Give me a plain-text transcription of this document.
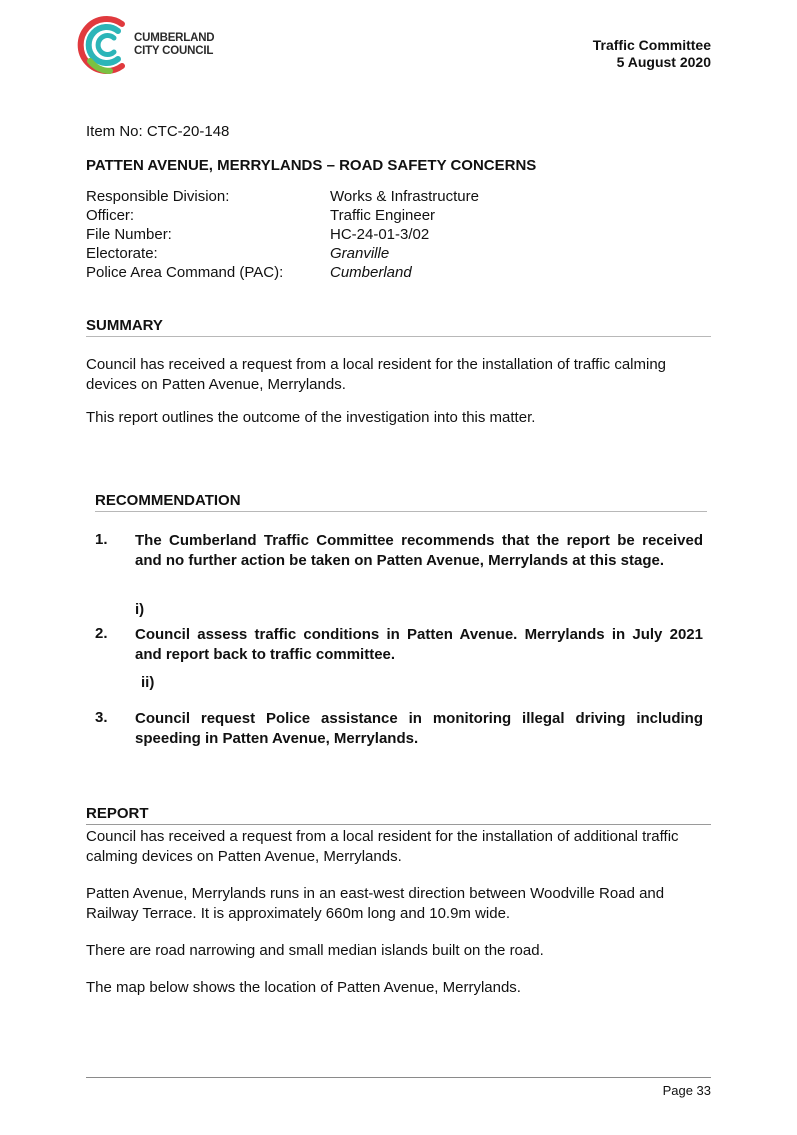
CUMBERLAND
CITY COUNCIL	Traffic Committee
5 August 2020
Item No: CTC-20-148
PATTEN AVENUE, MERRYLANDS – ROAD SAFETY CONCERNS
Responsible Division:	Works & Infrastructure
Officer:	Traffic Engineer
File Number:	HC-24-01-3/02
Electorate:	Granville
Police Area Command (PAC):	Cumberland
SUMMARY
Council has received a request from a local resident for the installation of traffic calming devices on Patten Avenue, Merrylands.
This report outlines the outcome of the investigation into this matter.
RECOMMENDATION
1. The Cumberland Traffic Committee recommends that the report be received and no further action be taken on Patten Avenue, Merrylands at this stage.
i)
2. Council assess traffic conditions in Patten Avenue. Merrylands in July 2021 and report back to traffic committee.
ii)
3. Council request Police assistance in monitoring illegal driving including speeding in Patten Avenue, Merrylands.
REPORT
Council has received a request from a local resident for the installation of additional traffic calming devices on Patten Avenue, Merrylands.
Patten Avenue, Merrylands runs in an east-west direction between Woodville Road and Railway Terrace. It is approximately 660m long and 10.9m wide.
There are road narrowing and small median islands built on the road.
The map below shows the location of Patten Avenue, Merrylands.
Page 33
